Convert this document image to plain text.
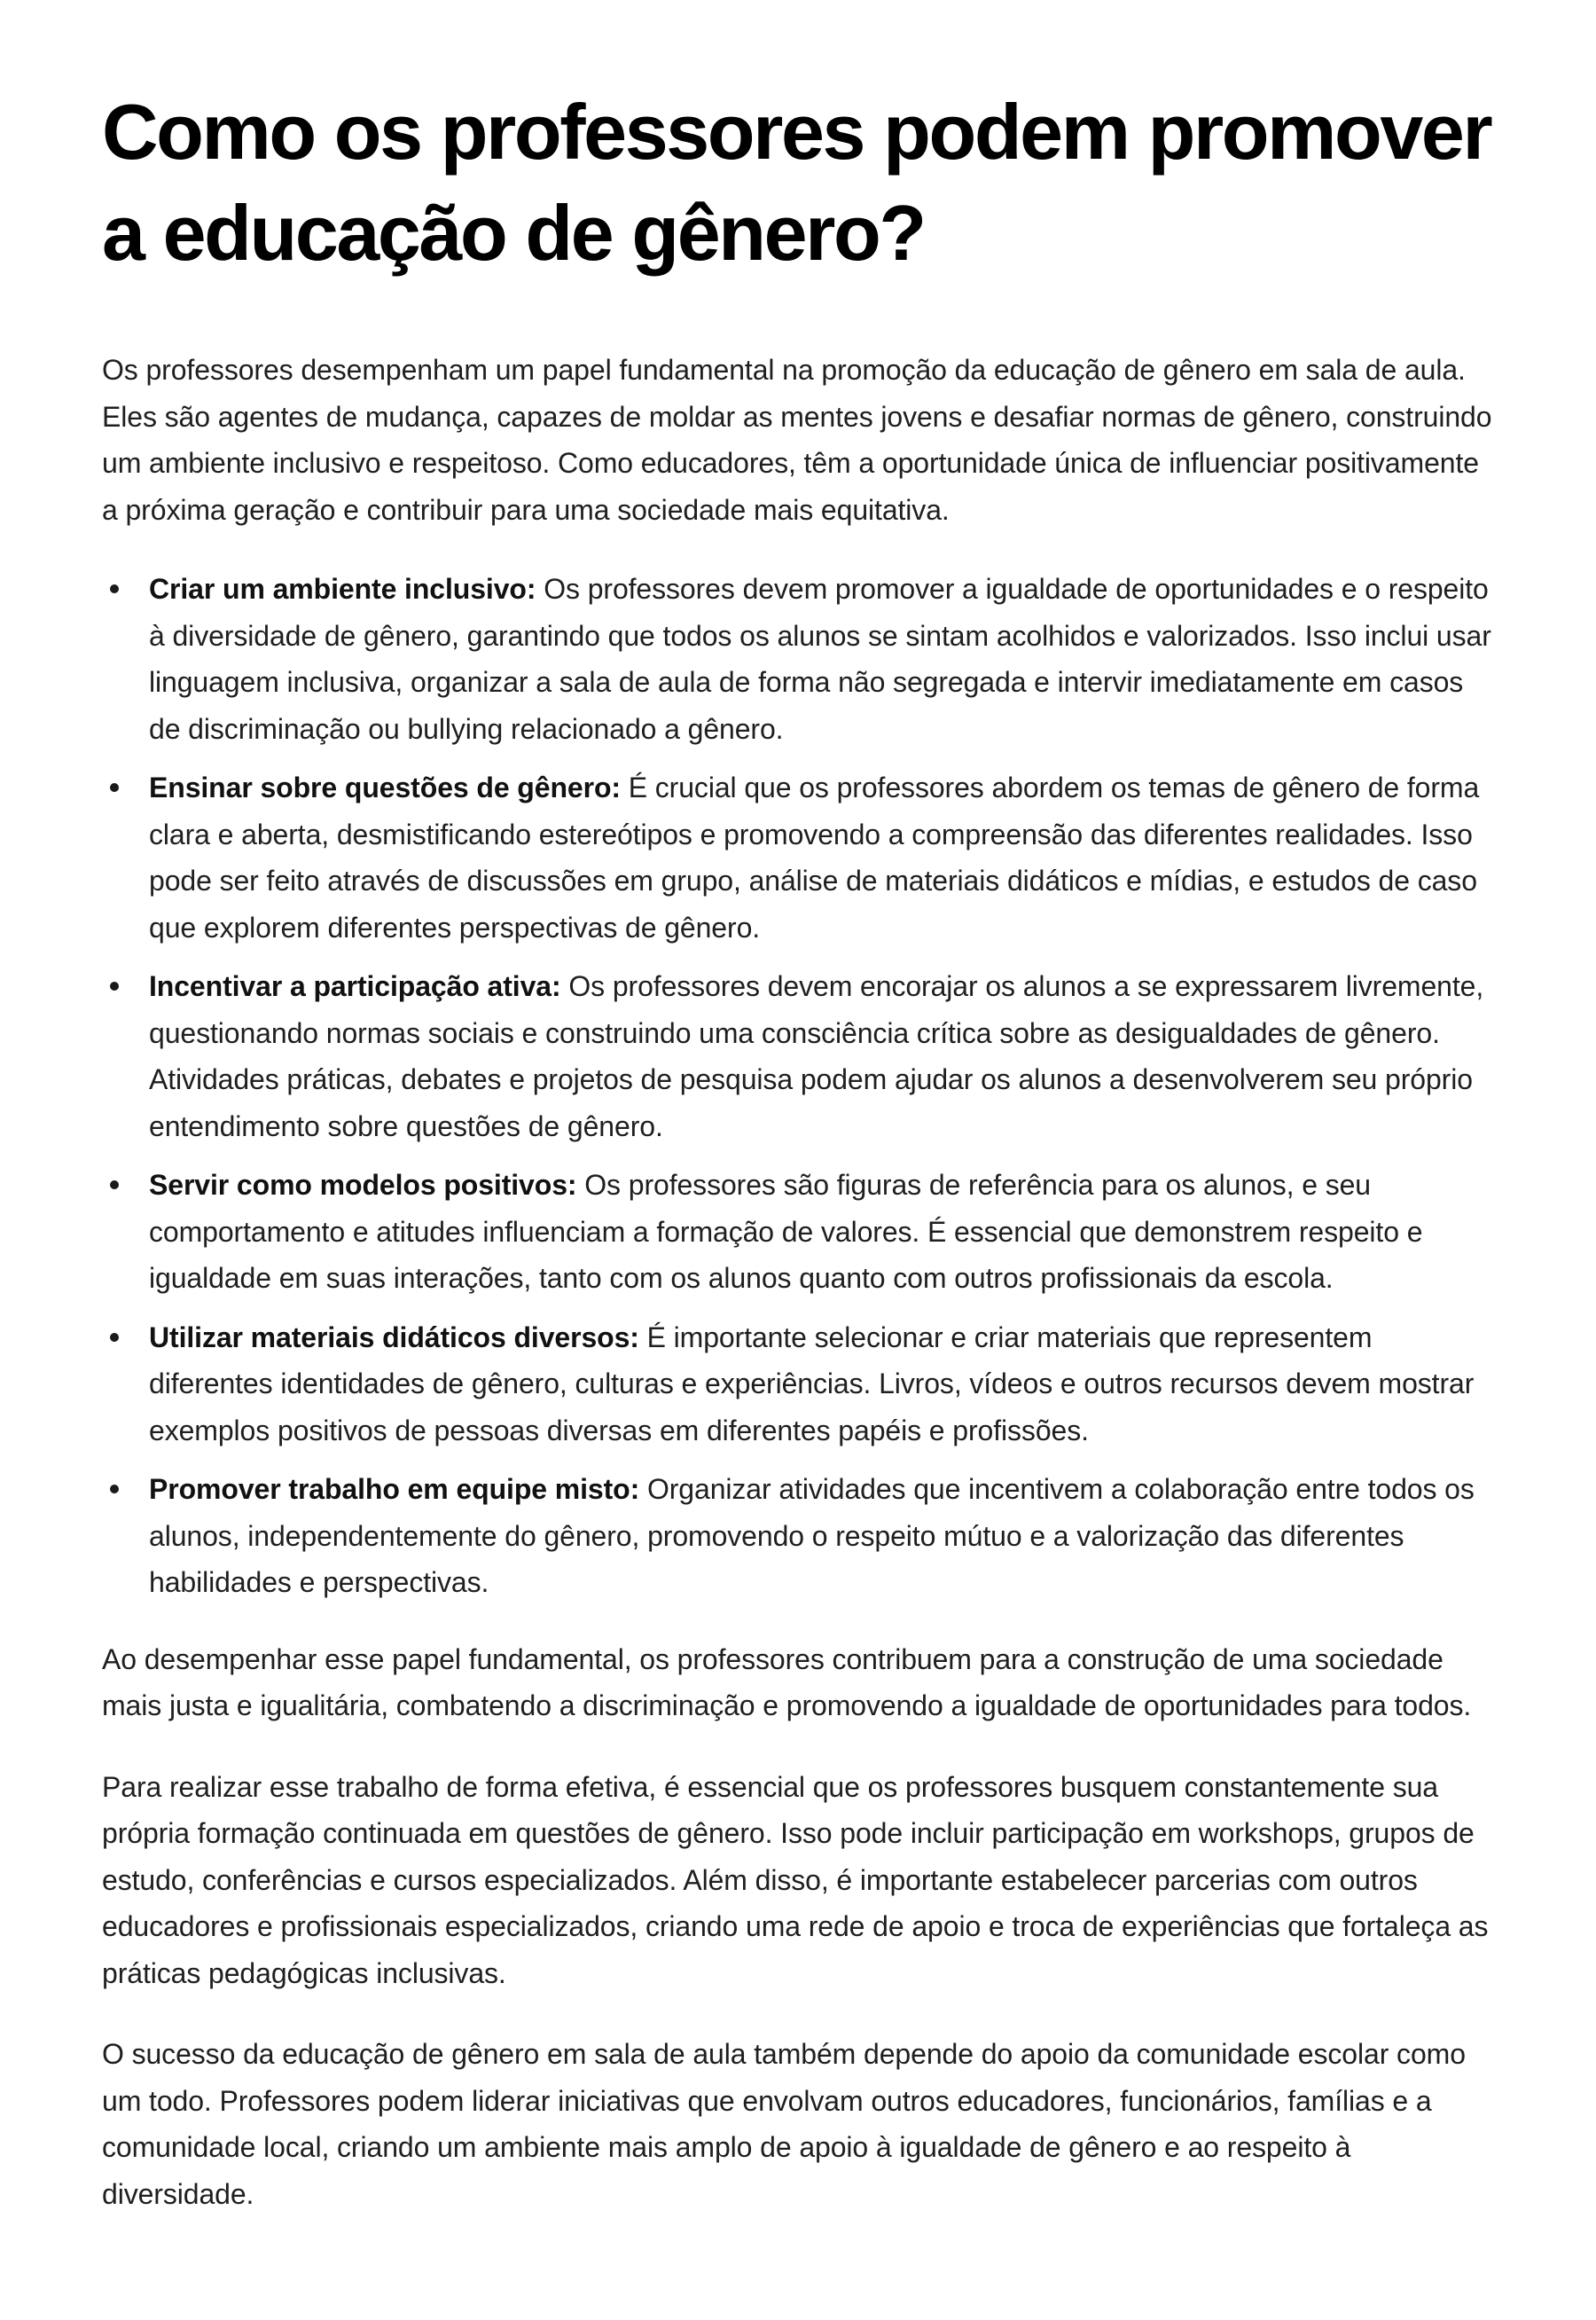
Como os professores podem promover a educação de gênero?

Os professores desempenham um papel fundamental na promoção da educação de gênero em sala de aula. Eles são agentes de mudança, capazes de moldar as mentes jovens e desafiar normas de gênero, construindo um ambiente inclusivo e respeitoso. Como educadores, têm a oportunidade única de influenciar positivamente a próxima geração e contribuir para uma sociedade mais equitativa.

Criar um ambiente inclusivo: Os professores devem promover a igualdade de oportunidades e o respeito à diversidade de gênero, garantindo que todos os alunos se sintam acolhidos e valorizados. Isso inclui usar linguagem inclusiva, organizar a sala de aula de forma não segregada e intervir imediatamente em casos de discriminação ou bullying relacionado a gênero.
Ensinar sobre questões de gênero: É crucial que os professores abordem os temas de gênero de forma clara e aberta, desmistificando estereótipos e promovendo a compreensão das diferentes realidades. Isso pode ser feito através de discussões em grupo, análise de materiais didáticos e mídias, e estudos de caso que explorem diferentes perspectivas de gênero.
Incentivar a participação ativa: Os professores devem encorajar os alunos a se expressarem livremente, questionando normas sociais e construindo uma consciência crítica sobre as desigualdades de gênero. Atividades práticas, debates e projetos de pesquisa podem ajudar os alunos a desenvolverem seu próprio entendimento sobre questões de gênero.
Servir como modelos positivos: Os professores são figuras de referência para os alunos, e seu comportamento e atitudes influenciam a formação de valores. É essencial que demonstrem respeito e igualdade em suas interações, tanto com os alunos quanto com outros profissionais da escola.
Utilizar materiais didáticos diversos: É importante selecionar e criar materiais que representem diferentes identidades de gênero, culturas e experiências. Livros, vídeos e outros recursos devem mostrar exemplos positivos de pessoas diversas em diferentes papéis e profissões.
Promover trabalho em equipe misto: Organizar atividades que incentivem a colaboração entre todos os alunos, independentemente do gênero, promovendo o respeito mútuo e a valorização das diferentes habilidades e perspectivas.

Ao desempenhar esse papel fundamental, os professores contribuem para a construção de uma sociedade mais justa e igualitária, combatendo a discriminação e promovendo a igualdade de oportunidades para todos.

Para realizar esse trabalho de forma efetiva, é essencial que os professores busquem constantemente sua própria formação continuada em questões de gênero. Isso pode incluir participação em workshops, grupos de estudo, conferências e cursos especializados. Além disso, é importante estabelecer parcerias com outros educadores e profissionais especializados, criando uma rede de apoio e troca de experiências que fortaleça as práticas pedagógicas inclusivas.

O sucesso da educação de gênero em sala de aula também depende do apoio da comunidade escolar como um todo. Professores podem liderar iniciativas que envolvam outros educadores, funcionários, famílias e a comunidade local, criando um ambiente mais amplo de apoio à igualdade de gênero e ao respeito à diversidade.
